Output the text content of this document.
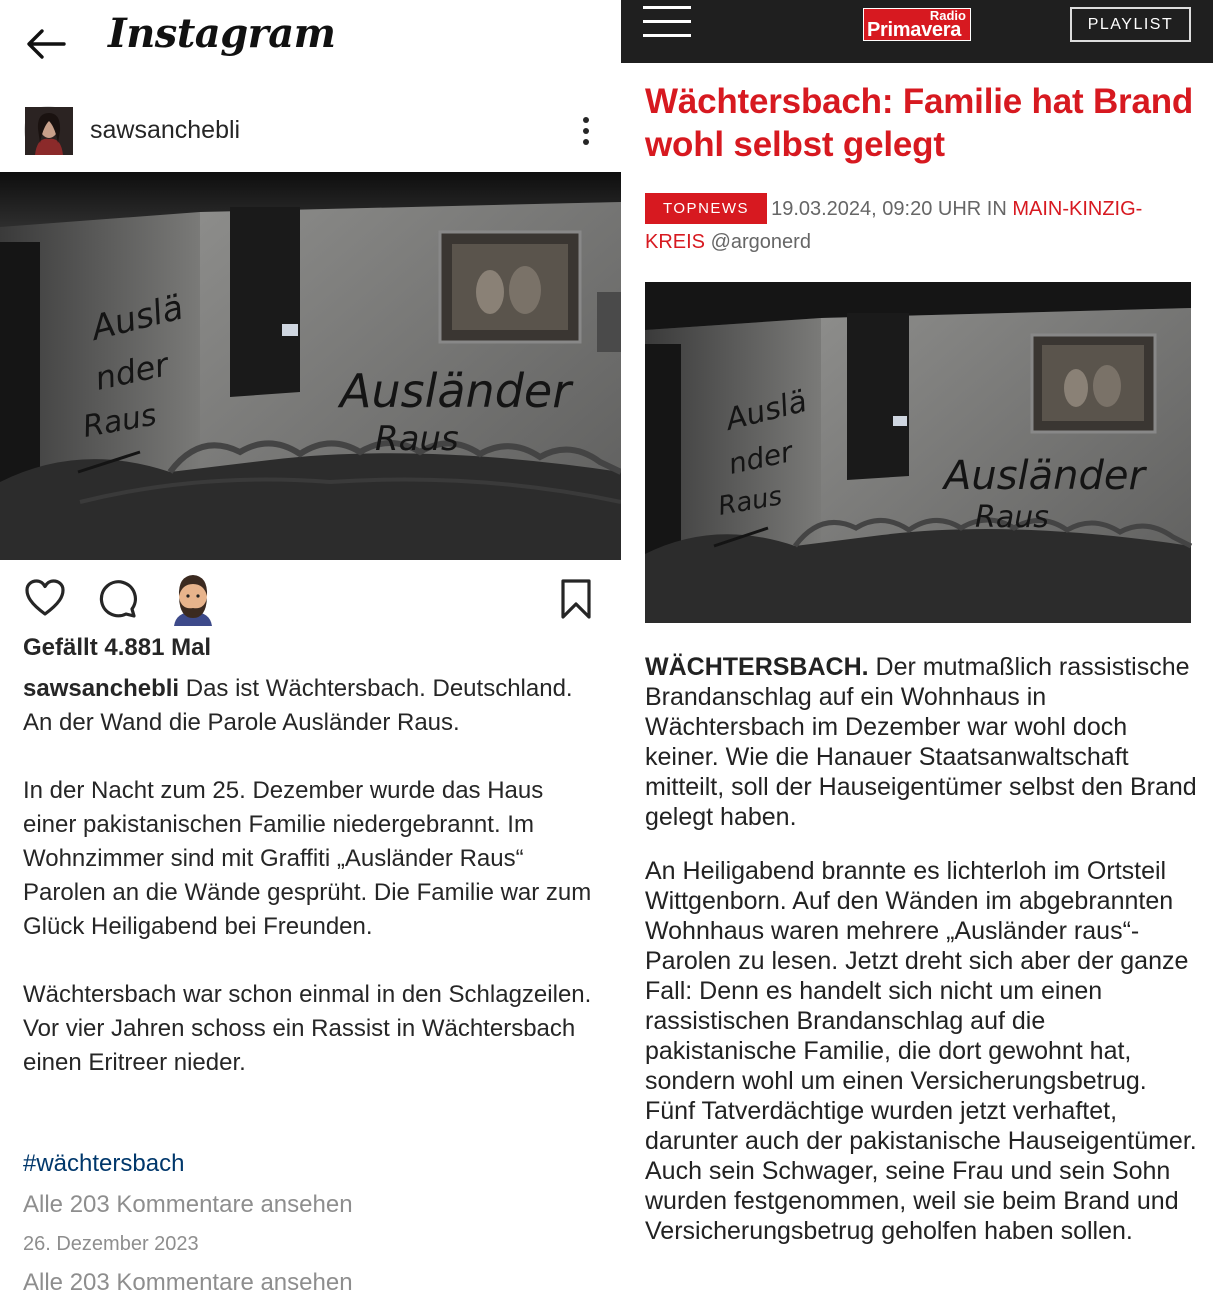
Instagram
sawsanchebli
Auslä
nder
Raus
Ausländer
Raus
Gefällt 4.881 Mal

sawsanchebli Das ist Wächtersbach. Deutschland. An der Wand die Parole Ausländer Raus.

In der Nacht zum 25. Dezember wurde das Haus einer pakistanischen Familie niedergebrannt. Im Wohnzimmer sind mit Graffiti „Ausländer Raus“ Parolen an die Wände gesprüht. Die Familie war zum Glück Heiligabend bei Freunden.

Wächtersbach war schon einmal in den Schlagzeilen. Vor vier Jahren schoss ein Rassist in Wächtersbach einen Eritreer nieder.

#wächtersbach
Alle 203 Kommentare ansehen
26. Dezember 2023
Alle 203 Kommentare ansehen
Radio
Primavera	PLAYLIST
Wächtersbach: Familie hat Brand wohl selbst gelegt
TOPNEWS 19.03.2024, 09:20 UHR IN MAIN-KINZIG-KREIS @argonerd
Auslä
nder
Raus
Ausländer
Raus

WÄCHTERSBACH. Der mutmaßlich rassistische Brandanschlag auf ein Wohnhaus in Wächtersbach im Dezember war wohl doch keiner. Wie die Hanauer Staatsanwaltschaft mitteilt, soll der Hauseigentümer selbst den Brand gelegt haben.

An Heiligabend brannte es lichterloh im Ortsteil Wittgenborn. Auf den Wänden im abgebrannten Wohnhaus waren mehrere „Ausländer raus“-Parolen zu lesen. Jetzt dreht sich aber der ganze Fall: Denn es handelt sich nicht um einen rassistischen Brandanschlag auf die pakistanische Familie, die dort gewohnt hat, sondern wohl um einen Versicherungsbetrug. Fünf Tatverdächtige wurden jetzt verhaftet, darunter auch der pakistanische Hauseigentümer. Auch sein Schwager, seine Frau und sein Sohn wurden festgenommen, weil sie beim Brand und Versicherungsbetrug geholfen haben sollen.
